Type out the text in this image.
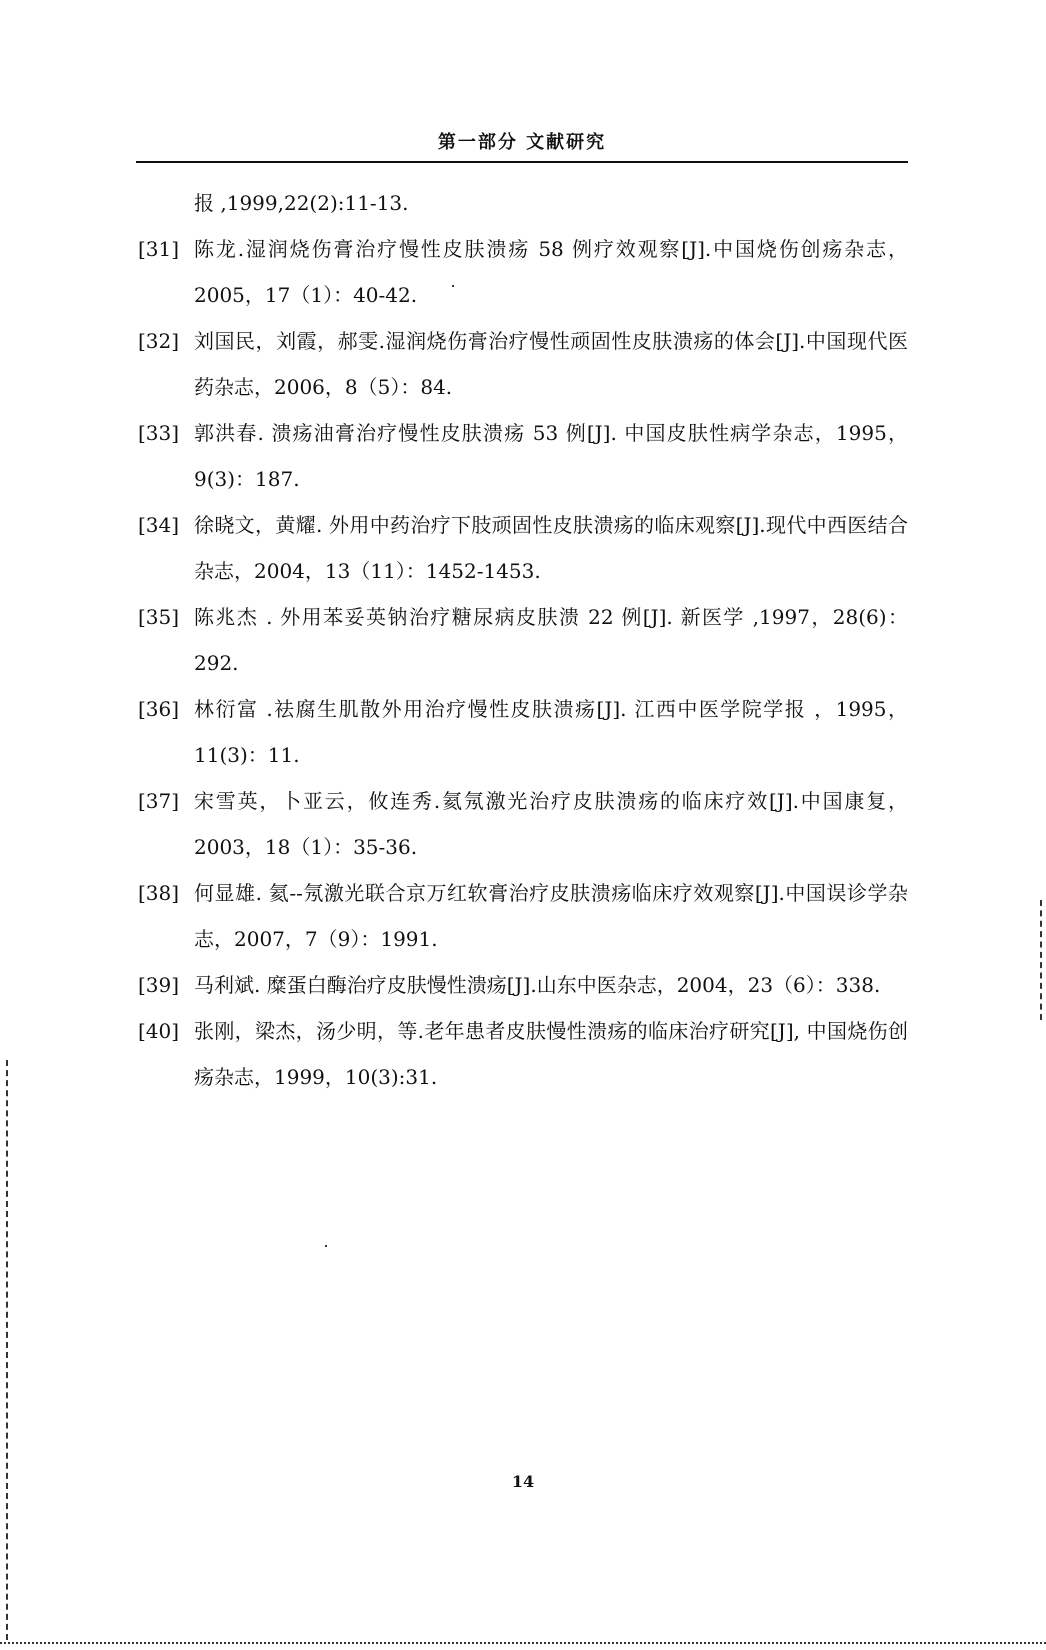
第一部分 文献研究
报 ,1999,22(2):11-13.
[31] 陈龙.湿润烧伤膏治疗慢性皮肤溃疡 58 例疗效观察[J].中国烧伤创疡杂志，2005，17（1）：40-42.
[32] 刘国民，刘霞，郝雯.湿润烧伤膏治疗慢性顽固性皮肤溃疡的体会[J].中国现代医药杂志，2006，8（5）：84.
[33] 郭洪春. 溃疡油膏治疗慢性皮肤溃疡 53 例[J]. 中国皮肤性病学杂志，1995，9(3)：187.
[34] 徐晓文，黄耀. 外用中药治疗下肢顽固性皮肤溃疡的临床观察[J].现代中西医结合杂志，2004，13（11）：1452-1453.
[35] 陈兆杰 . 外用苯妥英钠治疗糖尿病皮肤溃 22 例[J]. 新医学 ,1997，28(6)：292.
[36] 林衍富 .祛腐生肌散外用治疗慢性皮肤溃疡[J]. 江西中医学院学报 ，1995，11(3)：11.
[37] 宋雪英，卜亚云，攸连秀.氦氖激光治疗皮肤溃疡的临床疗效[J].中国康复，2003，18（1）：35-36.
[38] 何显雄. 氦--氖激光联合京万红软膏治疗皮肤溃疡临床疗效观察[J].中国误诊学杂志，2007，7（9）：1991.
[39] 马利斌. 糜蛋白酶治疗皮肤慢性溃疡[J].山东中医杂志，2004，23（6）：338.
[40] 张刚，梁杰，汤少明，等.老年患者皮肤慢性溃疡的临床治疗研究[J], 中国烧伤创疡杂志，1999，10(3):31.
14
